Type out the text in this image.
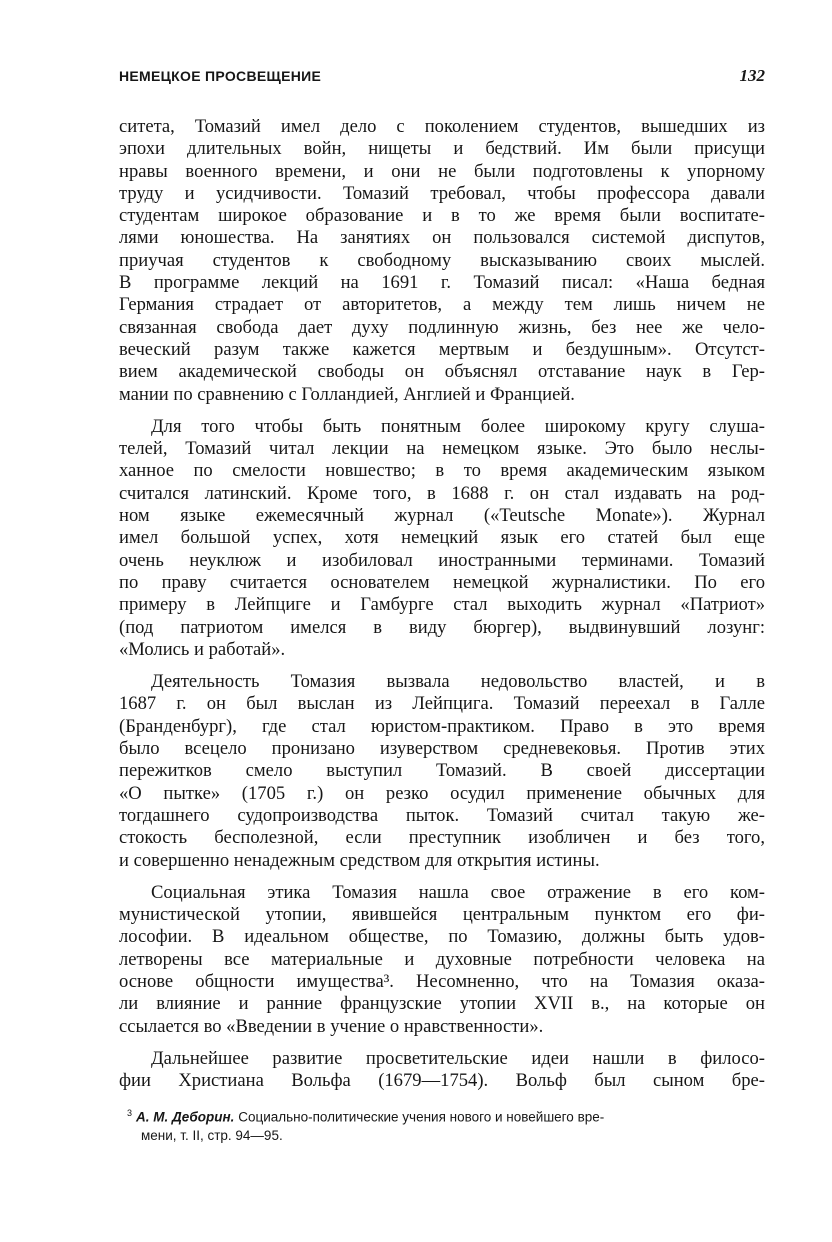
НЕМЕЦКОЕ ПРОСВЕЩЕНИЕ	132

ситета, Томазий имел дело с поколением студентов, вышедших из
эпохи длительных войн, нищеты и бедствий. Им были присущи
нравы военного времени, и они не были подготовлены к упорному
труду и усидчивости. Томазий требовал, чтобы профессора давали
студентам широкое образование и в то же время были воспитате-
лями юношества. На занятиях он пользовался системой диспутов,
приучая студентов к свободному высказыванию своих мыслей.
В программе лекций на 1691 г. Томазий писал: «Наша бедная
Германия страдает от авторитетов, а между тем лишь ничем не
связанная свобода дает духу подлинную жизнь, без нее же чело-
веческий разум также кажется мертвым и бездушным». Отсутст-
вием академической свободы он объяснял отставание наук в Гер-
мании по сравнению с Голландией, Англией и Францией.

Для того чтобы быть понятным более широкому кругу слуша-
телей, Томазий читал лекции на немецком языке. Это было неслы-
ханное по смелости новшество; в то время академическим языком
считался латинский. Кроме того, в 1688 г. он стал издавать на род-
ном языке ежемесячный журнал («Teutsche Monate»). Журнал
имел большой успех, хотя немецкий язык его статей был еще
очень неуклюж и изобиловал иностранными терминами. Томазий
по праву считается основателем немецкой журналистики. По его
примеру в Лейпциге и Гамбурге стал выходить журнал «Патриот»
(под патриотом имелся в виду бюргер), выдвинувший лозунг:
«Молись и работай».

Деятельность Томазия вызвала недовольство властей, и в
1687 г. он был выслан из Лейпцига. Томазий переехал в Галле
(Бранденбург), где стал юристом-практиком. Право в это время
было всецело пронизано изуверством средневековья. Против этих
пережитков смело выступил Томазий. В своей диссертации
«О пытке» (1705 г.) он резко осудил применение обычных для
тогдашнего судопроизводства пыток. Томазий считал такую же-
стокость бесполезной, если преступник изобличен и без того,
и совершенно ненадежным средством для открытия истины.

Социальная этика Томазия нашла свое отражение в его ком-
мунистической утопии, явившейся центральным пунктом его фи-
лософии. В идеальном обществе, по Томазию, должны быть удов-
летворены все материальные и духовные потребности человека на
основе общности имущества³. Несомненно, что на Томазия оказа-
ли влияние и ранние французские утопии XVII в., на которые он
ссылается во «Введении в учение о нравственности».

Дальнейшее развитие просветительские идеи нашли в филосо-
фии Христиана Вольфа (1679—1754). Вольф был сыном бре-

$^3$ А. М. Деборин. Социально-политические учения нового и новейшего вре-
мени, т. II, стр. 94—95.
